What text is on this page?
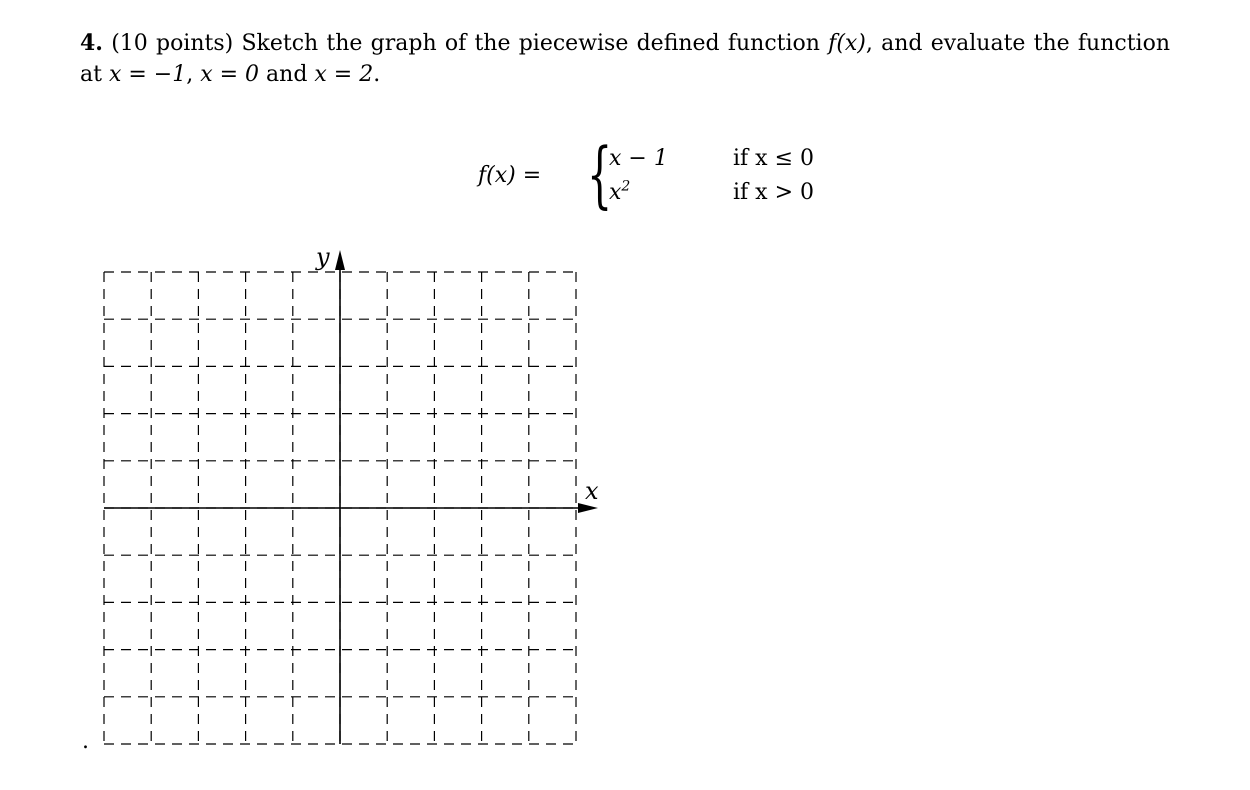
4. (10 points) Sketch the graph of the piecewise defined function f(x), and evaluate the function at x = −1, x = 0 and x = 2.
f(x) = {
x − 1	if x ≤ 0
$x^2$	if x > 0
x
y
.
